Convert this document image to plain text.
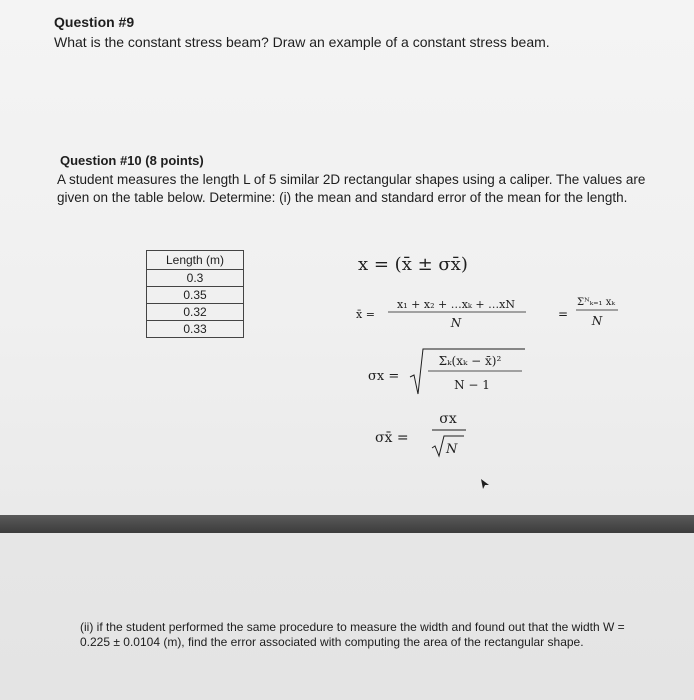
Question #9
What is the constant stress beam? Draw an example of a constant stress beam.
Question #10 (8 points)
A student measures the length L of 5 similar 2D rectangular shapes using a caliper. The values are given on the table below. Determine: (i) the mean and standard error of the mean for the length.
Length (m)
0.3
0.35
0.32
0.33
x = (x̄ ± σx̄)
x̄ =
x₁ + x₂ + …xₖ + …xN
N
=
Σᴺₖ₌₁ xₖ
N
σx =
Σₖ(xₖ − x̄)²
N − 1
σx̄ =
σx
N
(ii) if the student performed the same procedure to measure the width and found out that the width W = 0.225 ± 0.0104 (m), find the error associated with computing the area of the rectangular shape.
